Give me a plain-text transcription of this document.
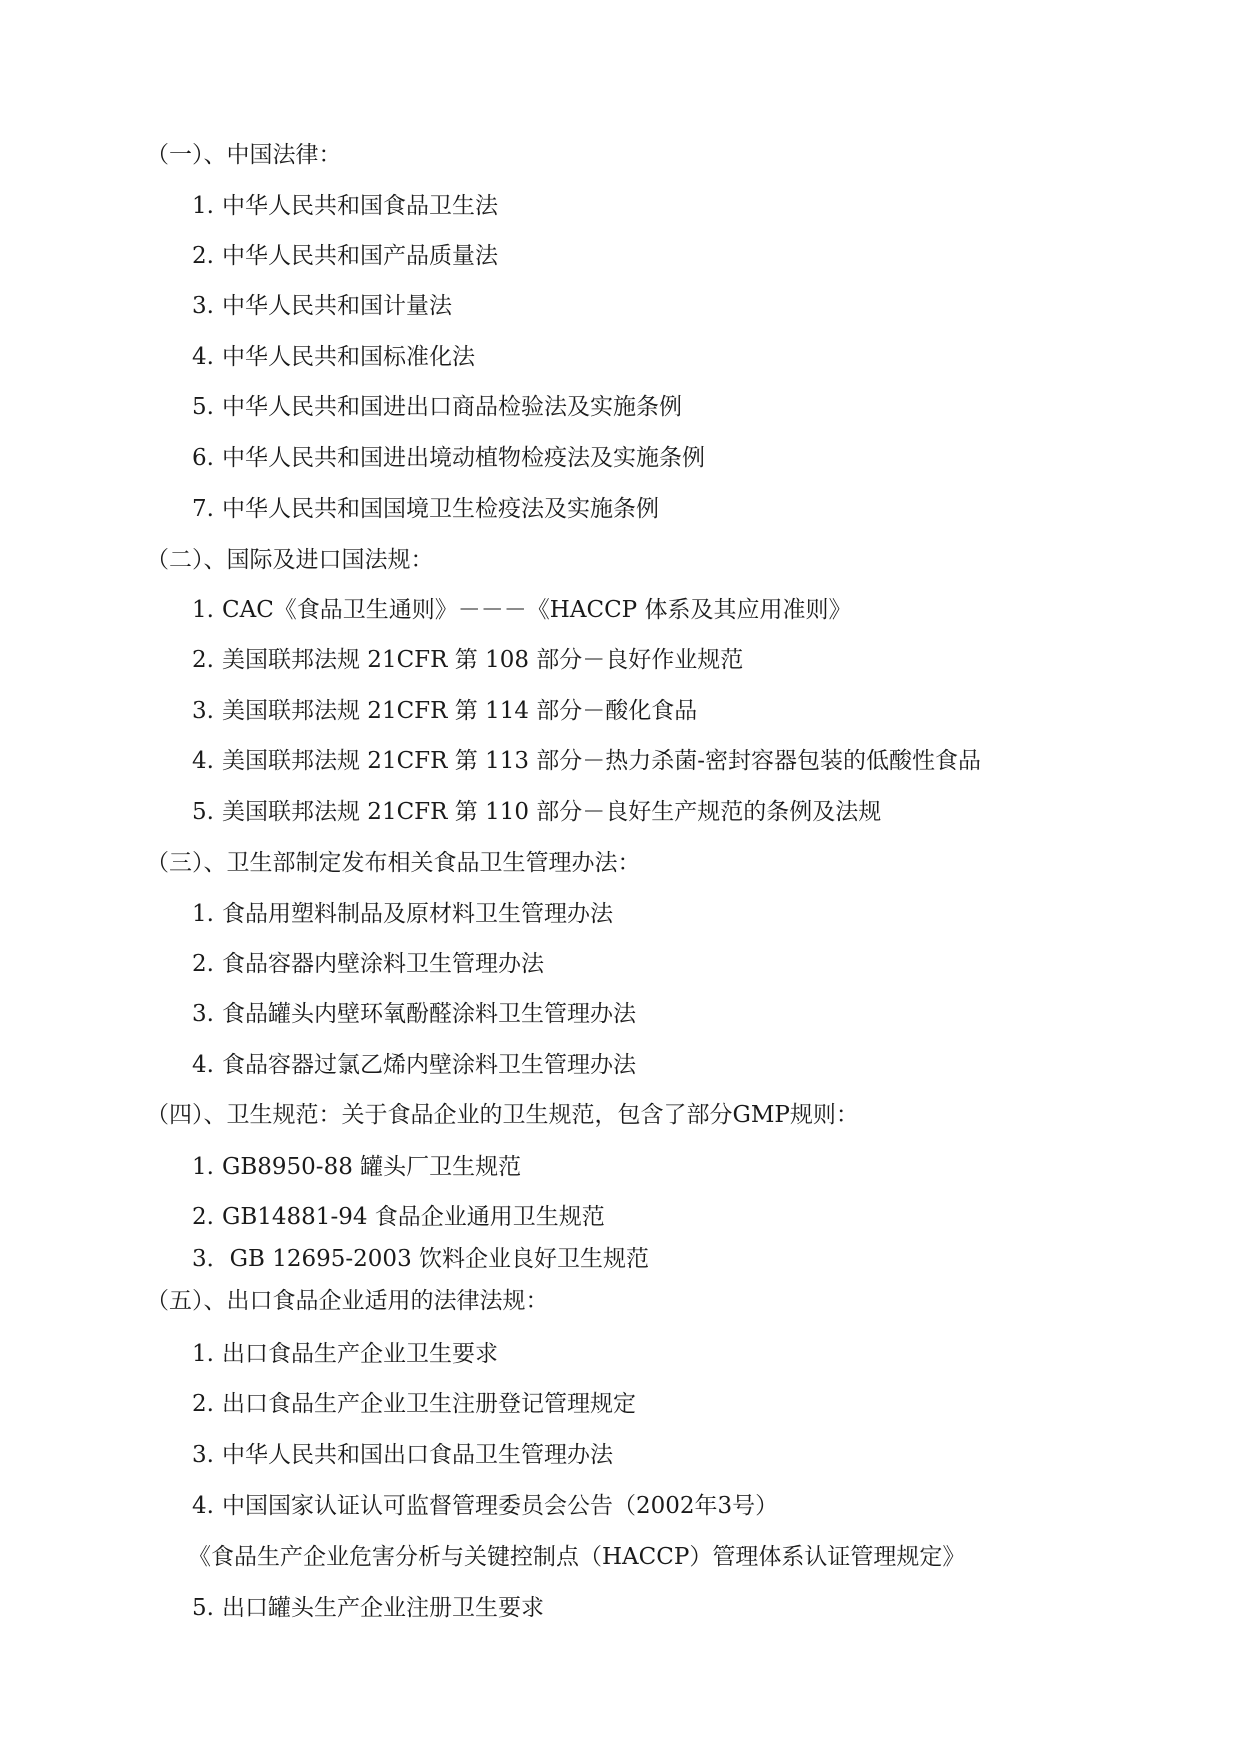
（一）、中国法律：
1. 中华人民共和国食品卫生法
2. 中华人民共和国产品质量法
3. 中华人民共和国计量法
4. 中华人民共和国标准化法
5. 中华人民共和国进出口商品检验法及实施条例
6. 中华人民共和国进出境动植物检疫法及实施条例
7. 中华人民共和国国境卫生检疫法及实施条例
（二）、国际及进口国法规：
1. CAC《食品卫生通则》－－－《HACCP 体系及其应用准则》
2. 美国联邦法规 21CFR 第 108 部分－良好作业规范
3. 美国联邦法规 21CFR 第 114 部分－酸化食品
4. 美国联邦法规 21CFR 第 113 部分－热力杀菌-密封容器包装的低酸性食品
5. 美国联邦法规 21CFR 第 110 部分－良好生产规范的条例及法规
（三）、卫生部制定发布相关食品卫生管理办法：
1. 食品用塑料制品及原材料卫生管理办法
2. 食品容器内壁涂料卫生管理办法
3. 食品罐头内壁环氧酚醛涂料卫生管理办法
4. 食品容器过氯乙烯内壁涂料卫生管理办法
（四）、卫生规范：关于食品企业的卫生规范，包含了部分GMP规则：
1. GB8950-88 罐头厂卫生规范
2. GB14881-94 食品企业通用卫生规范
3．GB 12695-2003 饮料企业良好卫生规范
（五）、出口食品企业适用的法律法规：
1. 出口食品生产企业卫生要求
2. 出口食品生产企业卫生注册登记管理规定
3. 中华人民共和国出口食品卫生管理办法
4. 中国国家认证认可监督管理委员会公告（2002年3号）
《食品生产企业危害分析与关键控制点（HACCP）管理体系认证管理规定》
5. 出口罐头生产企业注册卫生要求
